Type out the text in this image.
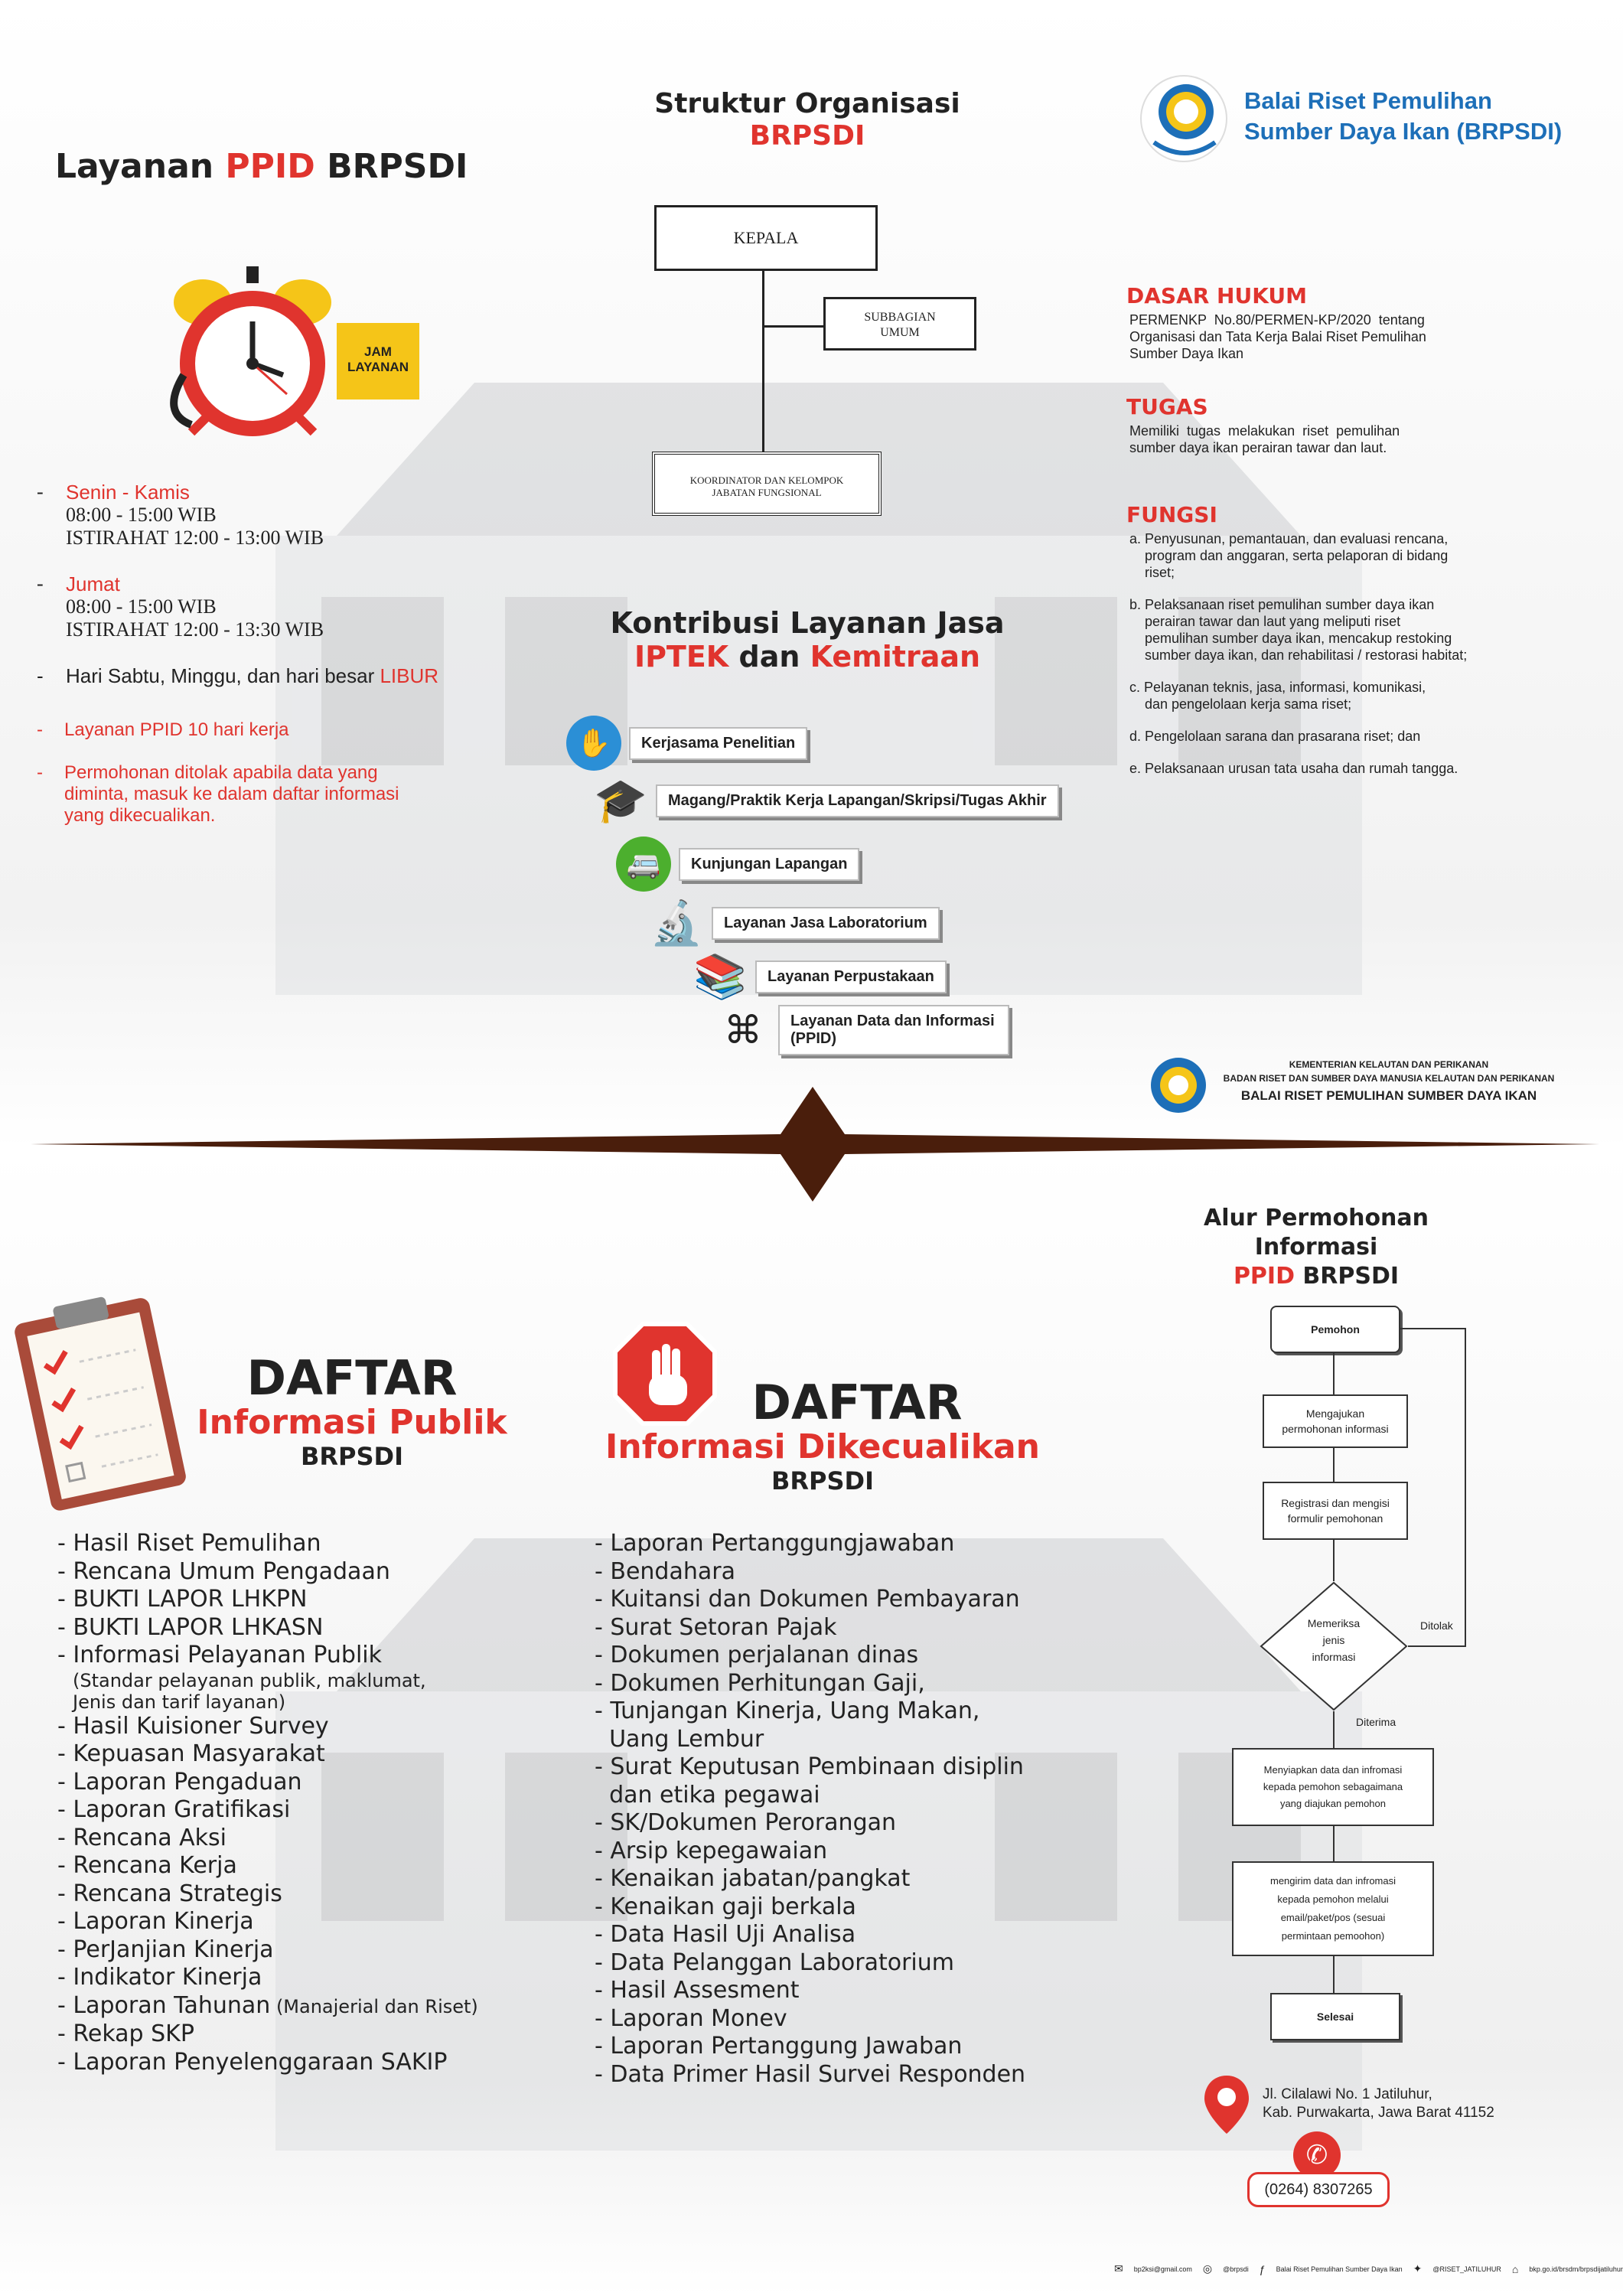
Layanan PPID BRPSDI
JAM
LAYANAN
-	Senin - Kamis
08:00 - 15:00 WIB
ISTIRAHAT 12:00 - 13:00 WIB
-	Jumat
08:00 - 15:00 WIB
ISTIRAHAT 12:00 - 13:30 WIB
-	Hari Sabtu, Minggu, dan hari besar LIBUR
-	Layanan PPID 10 hari kerja
-	Permohonan ditolak apabila data yang
diminta, masuk ke dalam daftar informasi
yang dikecualikan.
Struktur Organisasi
BRPSDI
KEPALA
SUBBAGIAN
UMUM
KOORDINATOR DAN KELOMPOK
JABATAN FUNGSIONAL
Kontribusi Layanan Jasa
IPTEK dan Kemitraan
✋	Kerjasama Penelitian
🎓	Magang/Praktik Kerja Lapangan/Skripsi/Tugas Akhir
🚐	Kunjungan Lapangan
🔬	Layanan Jasa Laboratorium
📚	Layanan Perpustakaan
⌘	Layanan Data dan Informasi
(PPID)
Balai Riset Pemulihan
Sumber Daya Ikan (BRPSDI)
DASAR HUKUM
PERMENKP  No.80/PERMEN-KP/2020  tentang
Organisasi dan Tata Kerja Balai Riset Pemulihan
Sumber Daya Ikan
TUGAS
Memiliki  tugas  melakukan  riset  pemulihan
sumber daya ikan perairan tawar dan laut.
FUNGSI
a. Penyusunan, pemantauan, dan evaluasi rencana,
program dan anggaran, serta pelaporan di bidang
riset;
b. Pelaksanaan riset pemulihan sumber daya ikan
perairan tawar dan laut yang meliputi riset
pemulihan sumber daya ikan, mencakup restoking
sumber daya ikan, dan rehabilitasi / restorasi habitat;
c. Pelayanan teknis, jasa, informasi, komunikasi,
dan pengelolaan kerja sama riset;
d. Pengelolaan sarana dan prasarana riset; dan
e. Pelaksanaan urusan tata usaha dan rumah tangga.
KEMENTERIAN KELAUTAN DAN PERIKANAN
BADAN RISET DAN SUMBER DAYA MANUSIA KELAUTAN DAN PERIKANAN
BALAI RISET PEMULIHAN SUMBER DAYA IKAN
DAFTAR
Informasi Publik
BRPSDI
- Hasil Riset Pemulihan
- Rencana Umum Pengadaan
- BUKTI LAPOR LHKPN
- BUKTI LAPOR LHKASN
- Informasi Pelayanan Publik
(Standar pelayanan publik, maklumat,
Jenis dan tarif layanan)
- Hasil Kuisioner Survey
- Kepuasan Masyarakat
- Laporan Pengaduan
- Laporan Gratifikasi
- Rencana Aksi
- Rencana Kerja
- Rencana Strategis
- Laporan Kinerja
- PerJanjian Kinerja
- Indikator Kinerja
- Laporan Tahunan (Manajerial dan Riset)
- Rekap SKP
- Laporan Penyelenggaraan SAKIP
DAFTAR
Informasi Dikecualikan
BRPSDI
- Laporan Pertanggungjawaban
- Bendahara
- Kuitansi dan Dokumen Pembayaran
- Surat Setoran Pajak
- Dokumen perjalanan dinas
- Dokumen Perhitungan Gaji,
- Tunjangan Kinerja, Uang Makan,
Uang Lembur
- Surat Keputusan Pembinaan disiplin
dan etika pegawai
- SK/Dokumen Perorangan
- Arsip kepegawaian
- Kenaikan jabatan/pangkat
- Kenaikan gaji berkala
- Data Hasil Uji Analisa
- Data Pelanggan Laboratorium
- Hasil Assesment
- Laporan Monev
- Laporan Pertanggung Jawaban
- Data Primer Hasil Survei Responden
Alur Permohonan Informasi
PPID BRPSDI
Pemohon
Mengajukan
permohonan informasi
Registrasi dan mengisi
formulir pemohonan
Memeriksa
jenis
informasi
Ditolak
Diterima
Menyiapkan data dan infromasi
kepada pemohon sebagaimana
yang diajukan pemohon
mengirim data dan infromasi
kepada pemohon melalui
email/paket/pos (sesuai
permintaan pemoohon)
Selesai
Jl. Cilalawi No. 1 Jatiluhur,
Kab. Purwakarta, Jawa Barat 41152
✆
(0264) 8307265
✉ bp2ksi@gmail.com ◎ @brpsdi ƒ Balai Riset Pemulihan Sumber Daya Ikan ✦ @RISET_JATILUHUR ⌂ bkp.go.id/brsdm/brpsdijatiluhur
